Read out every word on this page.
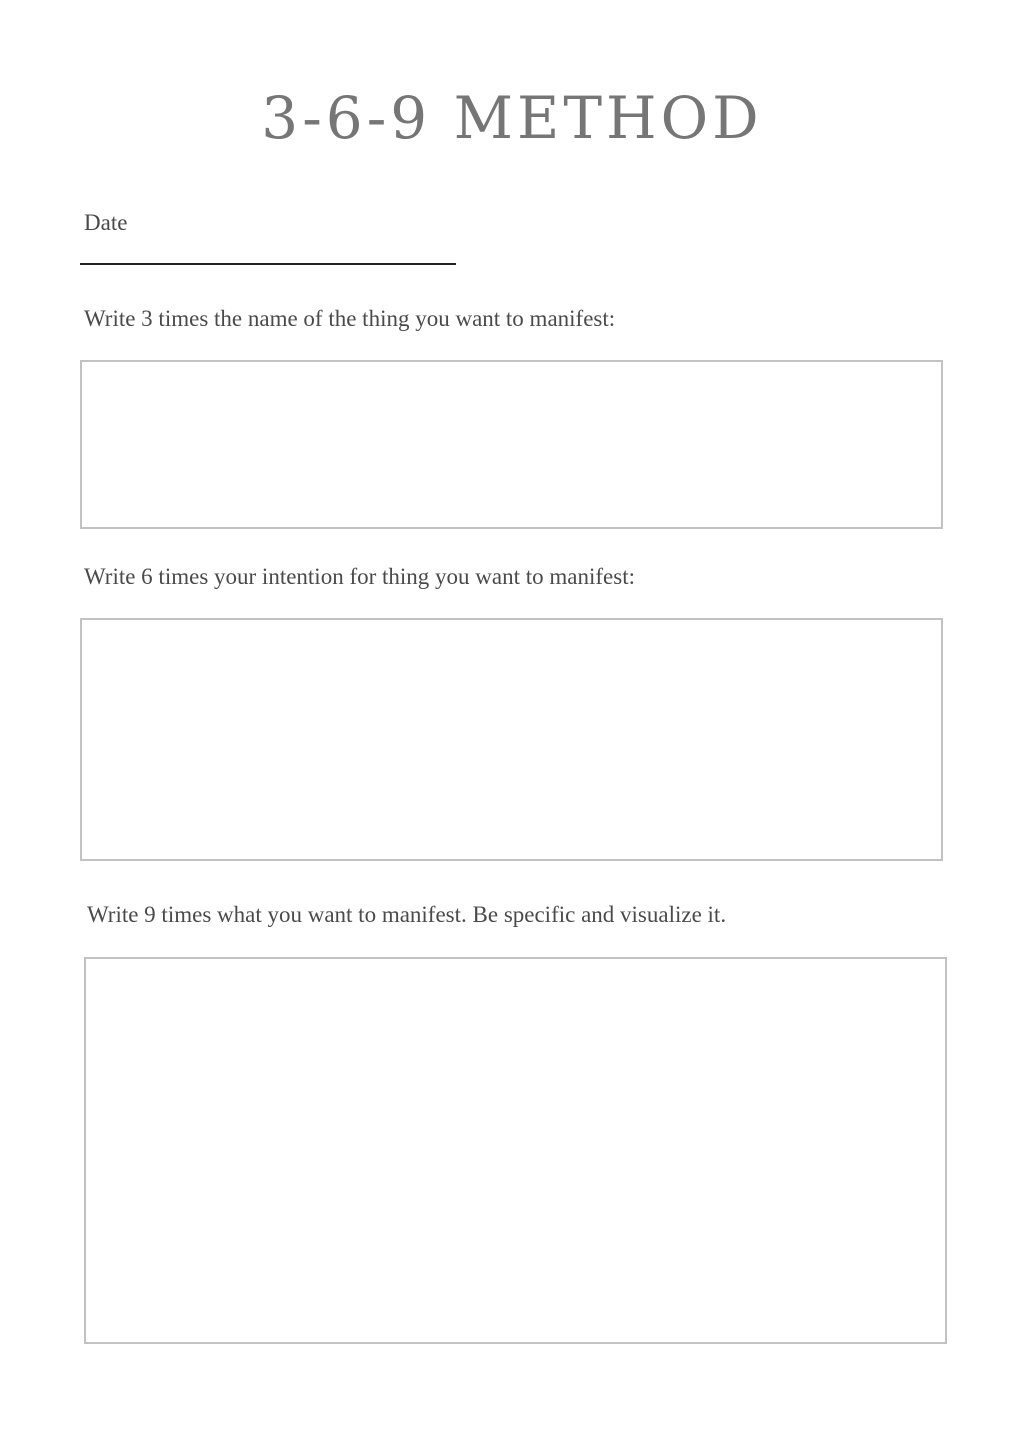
3-6-9 METHOD

Date

Write 3 times the name of the thing you want to manifest:

Write 6 times your intention for thing you want to manifest:

Write 9 times what you want to manifest. Be specific and visualize it.
